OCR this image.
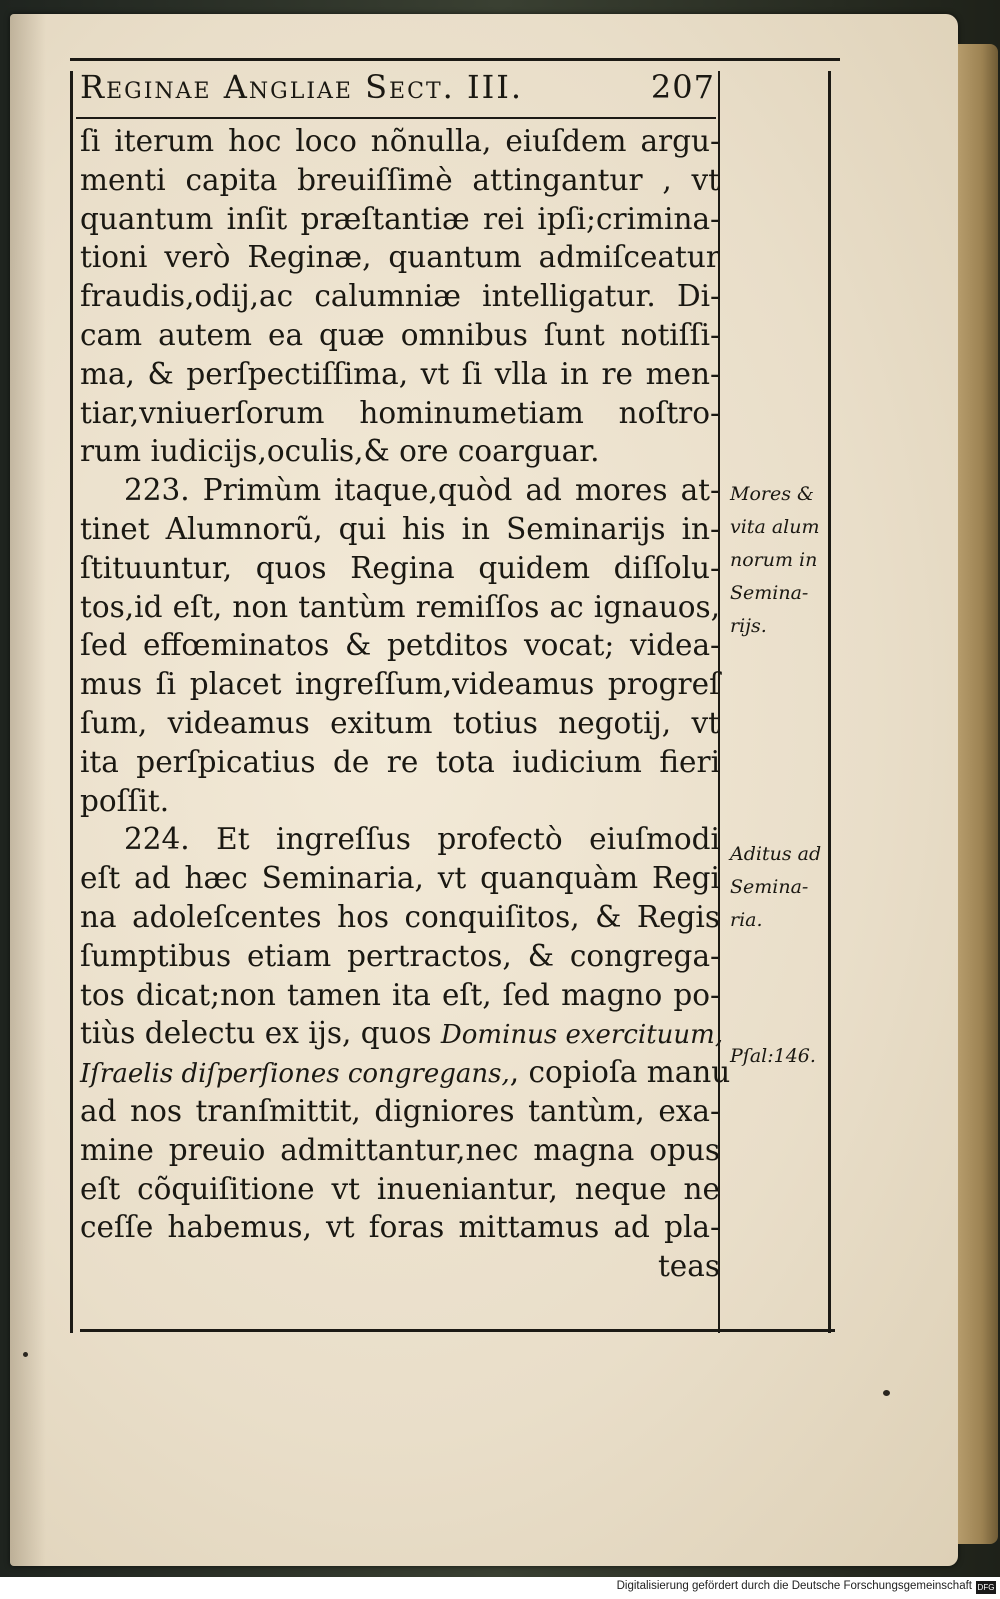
Reginae Angliae Sect. III.	207
ſi iterum hoc loco nõnulla, eiuſdem argu-
menti capita breuiſſimè attingantur , vt
quantum inſit præſtantiæ rei ipſi;crimina-
tioni verò Reginæ, quantum admiſceatur
fraudis,odij,ac calumniæ intelligatur. Di-
cam autem ea quæ omnibus ſunt notiſſi-
ma, & perſpectiſſima, vt ſi vlla in re men-
tiar,vniuerſorum hominumetiam noſtro-
rum iudicijs,oculis,& ore coarguar.
223. Primùm itaque,quòd ad mores at-
tinet Alumnorũ, qui his in Seminarijs in-
ſtituuntur, quos Regina quidem diſſolu-
tos,id eſt, non tantùm remiſſos ac ignauos,
ſed effœminatos & petditos vocat; videa-
mus ſi placet ingreſſum,videamus progreſ
ſum, videamus exitum totius negotij, vt
ita perſpicatius de re tota iudicium fieri
poſſit.
224. Et ingreſſus profectò eiuſmodi
eſt ad hæc Seminaria, vt quanquàm Regi
na adoleſcentes hos conquiſitos, & Regis
ſumptibus etiam pertractos, & congrega-
tos dicat;non tamen ita eſt, ſed magno po-
tiùs delectu ex ijs, quos Dominus exercituum,
Iſraelis diſperſiones congregans,, copioſa manu
ad nos tranſmittit, digniores tantùm, exa-
mine preuio admittantur,nec magna opus
eſt cõquiſitione vt inueniantur, neque ne
ceſſe habemus, vt foras mittamus ad pla-
teas
Mores &
vita alum
norum in
Semina-
rijs.
Aditus ad
Semina-
ria.
Pſal:146.
Digitalisierung gefördert durch die Deutsche Forschungsgemeinschaft DFG
